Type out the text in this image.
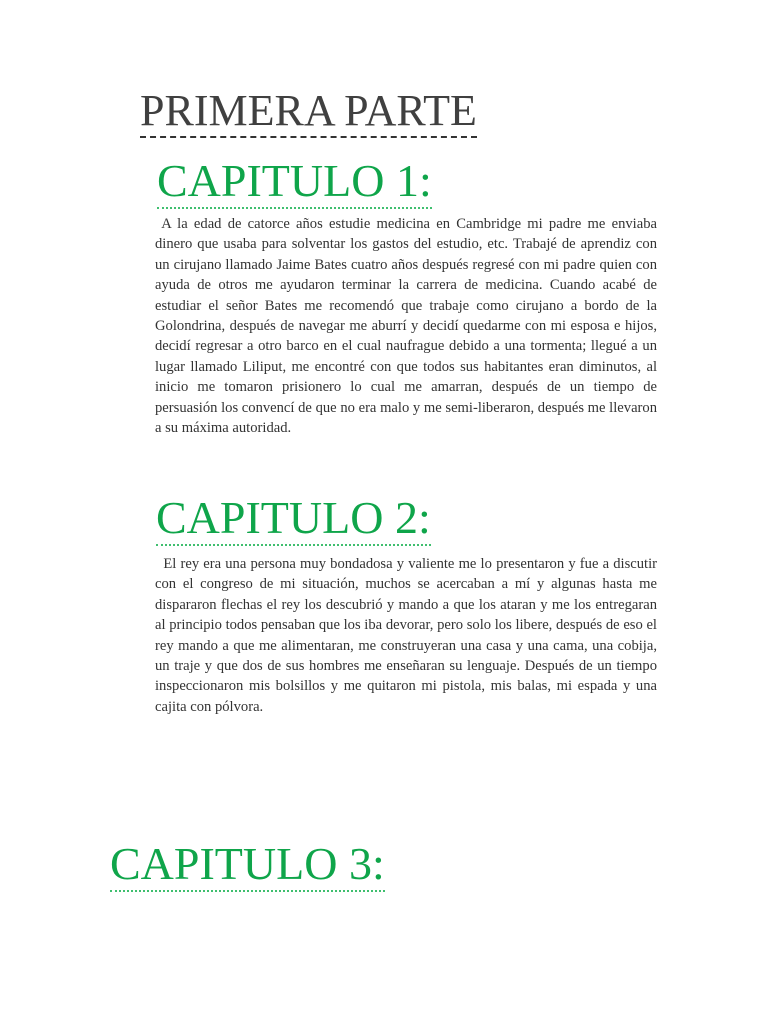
PRIMERA PARTE
CAPITULO 1:

A la edad de catorce años estudie medicina en Cambridge mi padre me enviaba dinero que usaba para solventar los gastos del estudio, etc. Trabajé de aprendiz con un cirujano llamado Jaime Bates cuatro años después regresé con mi padre quien con ayuda de otros me ayudaron terminar la carrera de medicina. Cuando acabé de estudiar el señor Bates me recomendó que trabaje como cirujano a bordo de la Golondrina, después de navegar me aburrí y decidí quedarme con mi esposa e hijos, decidí regresar a otro barco en el cual naufrague debido a una tormenta; llegué a un lugar llamado Liliput, me encontré con que todos sus habitantes eran diminutos, al inicio me tomaron prisionero lo cual me amarran, después de un tiempo de persuasión los convencí de que no era malo y me semi-liberaron, después me llevaron a su máxima autoridad.

CAPITULO 2:

El rey era una persona muy bondadosa y valiente me lo presentaron y fue a discutir con el congreso de mi situación, muchos se acercaban a mí y algunas hasta me dispararon flechas el rey los descubrió y mando a que los ataran y me los entregaran al principio todos pensaban que los iba devorar, pero solo los libere, después de eso el rey mando a que me alimentaran, me construyeran una casa y una cama, una cobija, un traje y que dos de sus hombres me enseñaran su lenguaje. Después de un tiempo inspeccionaron mis bolsillos y me quitaron mi pistola, mis balas, mi espada y una cajita con pólvora.

CAPITULO 3:
